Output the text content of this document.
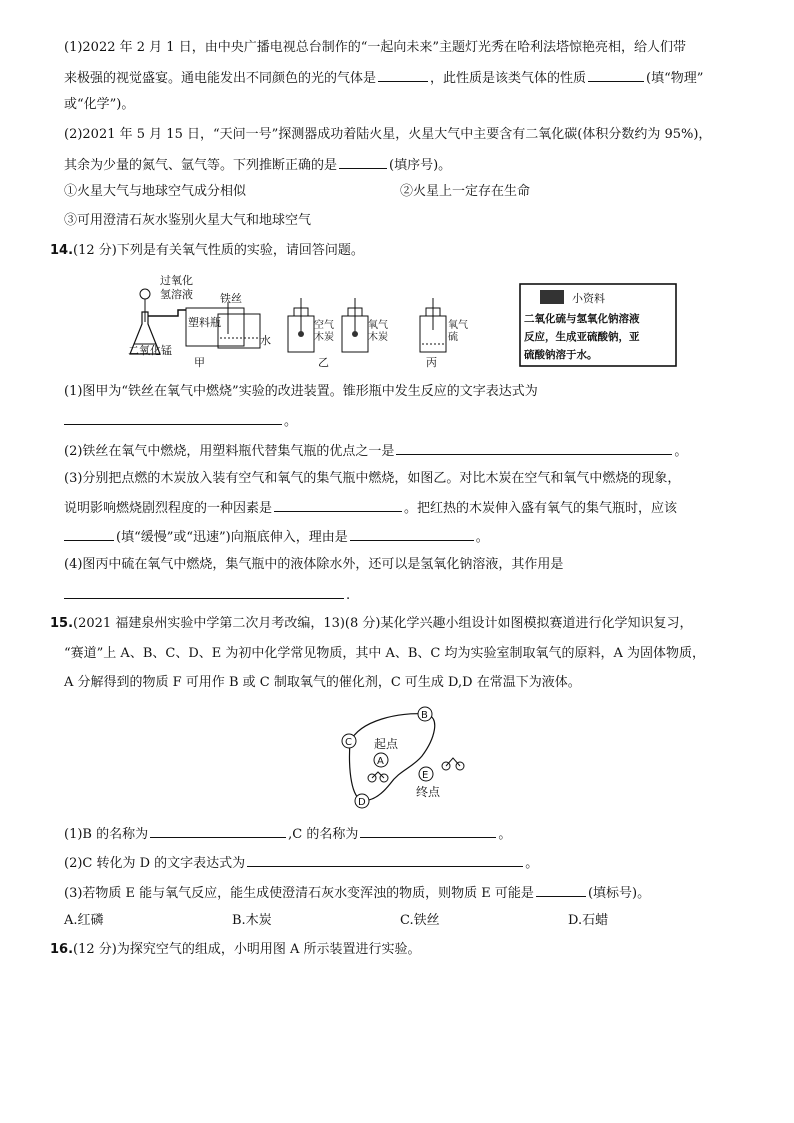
(1)2022 年 2 月 1 日，由中央广播电视总台制作的“一起向未来”主题灯光秀在哈利法塔惊艳亮相，给人们带
来极强的视觉盛宴。通电能发出不同颜色的光的气体是	，此性质是该类气体的性质	(填“物理”
或“化学”)。
(2)2021 年 5 月 15 日，“天问一号”探测器成功着陆火星，火星大气中主要含有二氧化碳(体积分数约为 95%)，
其余为少量的氮气、氩气等。下列推断正确的是	(填序号)。
①火星大气与地球空气成分相似	②火星上一定存在生命
③可用澄清石灰水鉴别火星大气和地球空气
14.(12 分)下列是有关氧气性质的实验，请回答问题。
过氧化
氢溶液 铁丝
塑料瓶
水
二氧化锰
甲
空气
木炭
氧气
木炭
乙
氧气
硫
丙
小资料
二氧化硫与氢氧化钠溶液
反应，生成亚硫酸钠，亚
硫酸钠溶于水。
(1)图甲为“铁丝在氧气中燃烧”实验的改进装置。锥形瓶中发生反应的文字表达式为
。
(2)铁丝在氧气中燃烧，用塑料瓶代替集气瓶的优点之一是	。
(3)分别把点燃的木炭放入装有空气和氧气的集气瓶中燃烧，如图乙。对比木炭在空气和氧气中燃烧的现象，
说明影响燃烧剧烈程度的一种因素是	。把红热的木炭伸入盛有氧气的集气瓶时，应该
(填“缓慢”或“迅速”)向瓶底伸入，理由是	。
(4)图丙中硫在氧气中燃烧，集气瓶中的液体除水外，还可以是氢氧化钠溶液，其作用是
.
15.(2021 福建泉州实验中学第二次月考改编，13)(8 分)某化学兴趣小组设计如图模拟赛道进行化学知识复习，
“赛道”上 A、B、C、D、E 为初中化学常见物质，其中 A、B、C 均为实验室制取氧气的原料，A 为固体物质，
A 分解得到的物质 F 可用作 B 或 C 制取氧气的催化剂，C 可生成 D,D 在常温下为液体。
B
C
A
E
D
起点
终点
(1)B 的名称为	,C 的名称为	。
(2)C 转化为 D 的文字表达式为	。
(3)若物质 E 能与氧气反应，能生成使澄清石灰水变浑浊的物质，则物质 E 可能是	(填标号)。
A.红磷	B.木炭	C.铁丝	D.石蜡
16.(12 分)为探究空气的组成，小明用图 A 所示装置进行实验。
